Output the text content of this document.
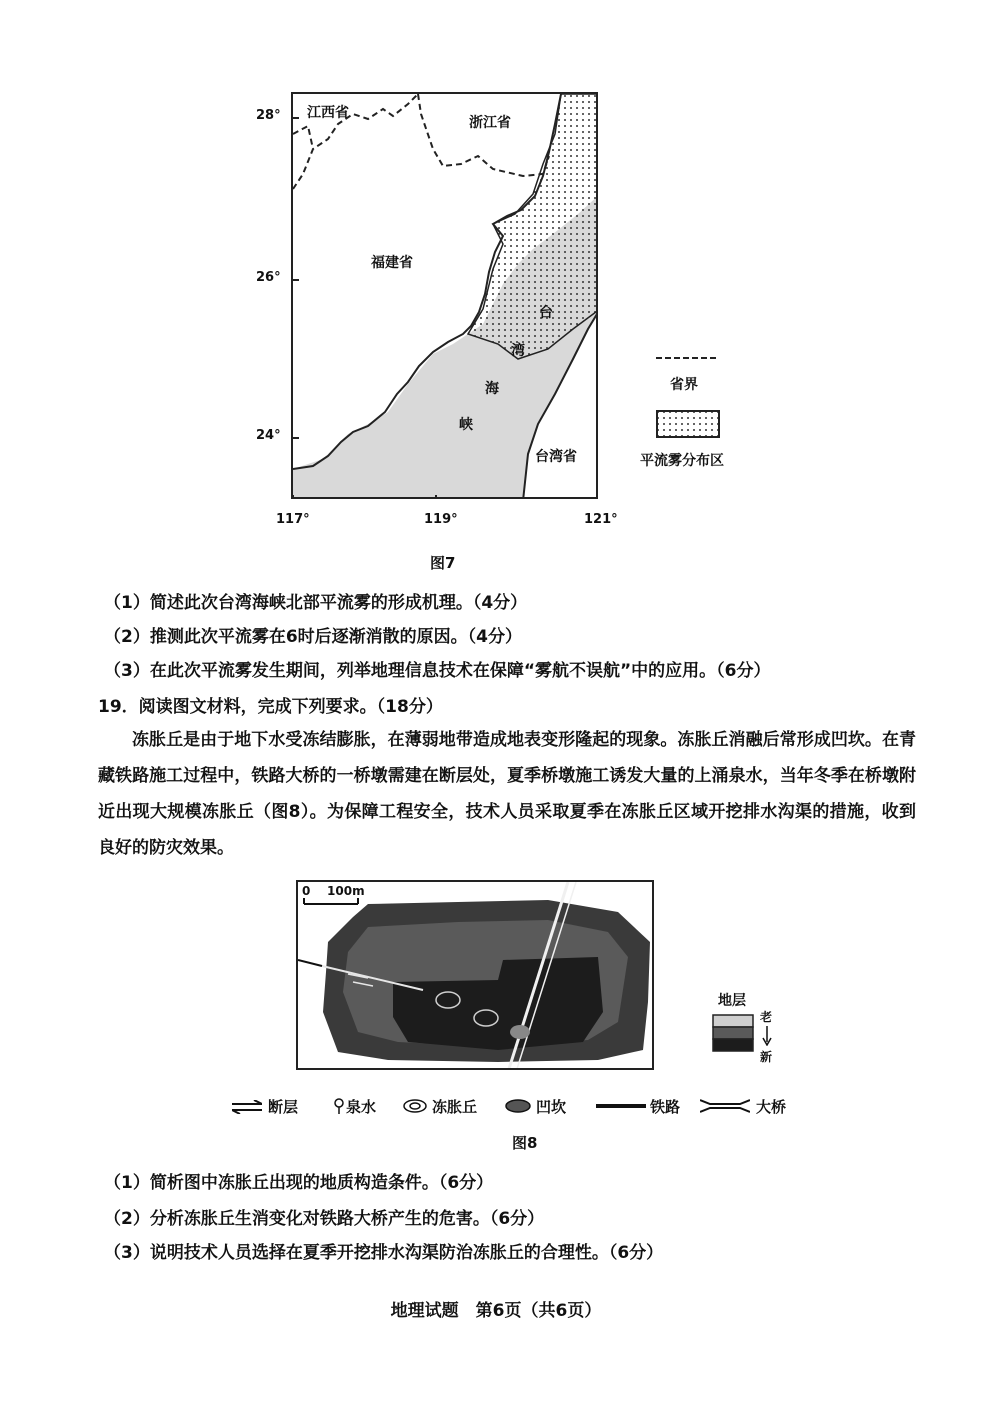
28°
26°
24°
江西省
浙江省
福建省
台
湾
海
峡
台湾省
117°	119°	121°
省界
平流雾分布区
图7
（1）简述此次台湾海峡北部平流雾的形成机理。（4分）
（2）推测此次平流雾在6时后逐渐消散的原因。（4分）
（3）在此次平流雾发生期间，列举地理信息技术在保障“雾航不误航”中的应用。（6分）
19．阅读图文材料，完成下列要求。（18分）
冻胀丘是由于地下水受冻结膨胀，在薄弱地带造成地表变形隆起的现象。冻胀丘消融后常形成凹坎。在青藏铁路施工过程中，铁路大桥的一桥墩需建在断层处，夏季桥墩施工诱发大量的上涌泉水，当年冬季在桥墩附近出现大规模冻胀丘（图8）。为保障工程安全，技术人员采取夏季在冻胀丘区域开挖排水沟渠的措施，收到良好的防灾效果。
0    100m
地层
老
新
断层	泉水	冻胀丘	凹坎	铁路	大桥
图8
（1）简析图中冻胀丘出现的地质构造条件。（6分）
（2）分析冻胀丘生消变化对铁路大桥产生的危害。（6分）
（3）说明技术人员选择在夏季开挖排水沟渠防治冻胀丘的合理性。（6分）
地理试题　第6页（共6页）
